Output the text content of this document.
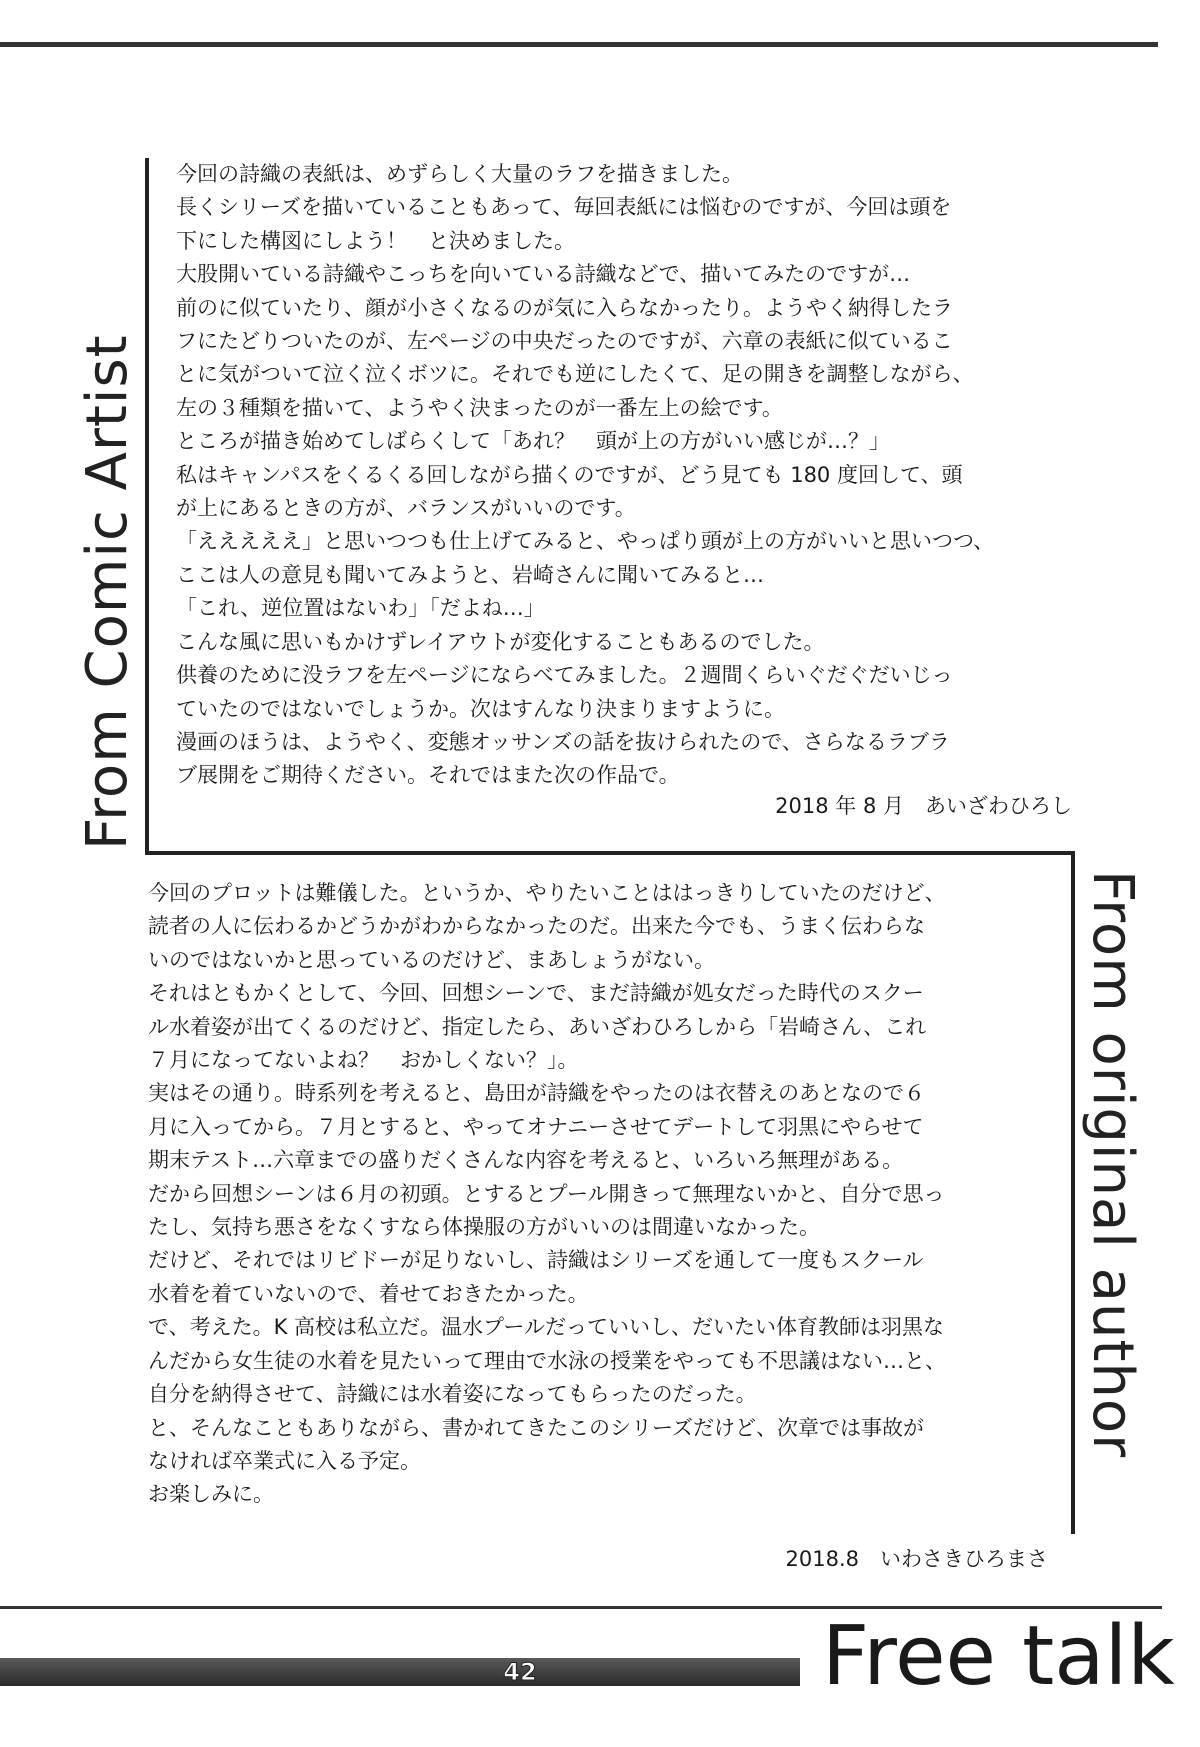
From Comic Artist

今回の詩織の表紙は、めずらしく大量のラフを描きました。

長くシリーズを描いていることもあって、毎回表紙には悩むのですが、今回は頭を

下にした構図にしよう！　と決めました。

大股開いている詩織やこっちを向いている詩織などで、描いてみたのですが…

前のに似ていたり、顔が小さくなるのが気に入らなかったり。ようやく納得したラ

フにたどりついたのが、左ページの中央だったのですが、六章の表紙に似ているこ

とに気がついて泣く泣くボツに。それでも逆にしたくて、足の開きを調整しながら、

左の３種類を描いて、ようやく決まったのが一番左上の絵です。

ところが描き始めてしばらくして「あれ？　頭が上の方がいい感じが…？」

私はキャンパスをくるくる回しながら描くのですが、どう見ても 180 度回して、頭

が上にあるときの方が、バランスがいいのです。

「えええええ」と思いつつも仕上げてみると、やっぱり頭が上の方がいいと思いつつ、

ここは人の意見も聞いてみようと、岩崎さんに聞いてみると…

「これ、逆位置はないわ」「だよね…」

こんな風に思いもかけずレイアウトが変化することもあるのでした。

供養のために没ラフを左ページにならべてみました。２週間くらいぐだぐだいじっ

ていたのではないでしょうか。次はすんなり決まりますように。

漫画のほうは、ようやく、変態オッサンズの話を抜けられたので、さらなるラブラ

ブ展開をご期待ください。それではまた次の作品で。

2018 年 8 月　あいざわひろし
From original author

今回のプロットは難儀した。というか、やりたいことははっきりしていたのだけど、

読者の人に伝わるかどうかがわからなかったのだ。出来た今でも、うまく伝わらな

いのではないかと思っているのだけど、まあしょうがない。

それはともかくとして、今回、回想シーンで、まだ詩織が処女だった時代のスクー

ル水着姿が出てくるのだけど、指定したら、あいざわひろしから「岩崎さん、これ

７月になってないよね？　おかしくない？」。

実はその通り。時系列を考えると、島田が詩織をやったのは衣替えのあとなので６

月に入ってから。７月とすると、やってオナニーさせてデートして羽黒にやらせて

期末テスト…六章までの盛りだくさんな内容を考えると、いろいろ無理がある。

だから回想シーンは６月の初頭。とするとプール開きって無理ないかと、自分で思っ

たし、気持ち悪さをなくすなら体操服の方がいいのは間違いなかった。

だけど、それではリビドーが足りないし、詩織はシリーズを通して一度もスクール

水着を着ていないので、着せておきたかった。

で、考えた。K 高校は私立だ。温水プールだっていいし、だいたい体育教師は羽黒な

んだから女生徒の水着を見たいって理由で水泳の授業をやっても不思議はない…と、

自分を納得させて、詩織には水着姿になってもらったのだった。

と、そんなこともありながら、書かれてきたこのシリーズだけど、次章では事故が

なければ卒業式に入る予定。

お楽しみに。

2018.8　いわさきひろまさ
42	Free talk
